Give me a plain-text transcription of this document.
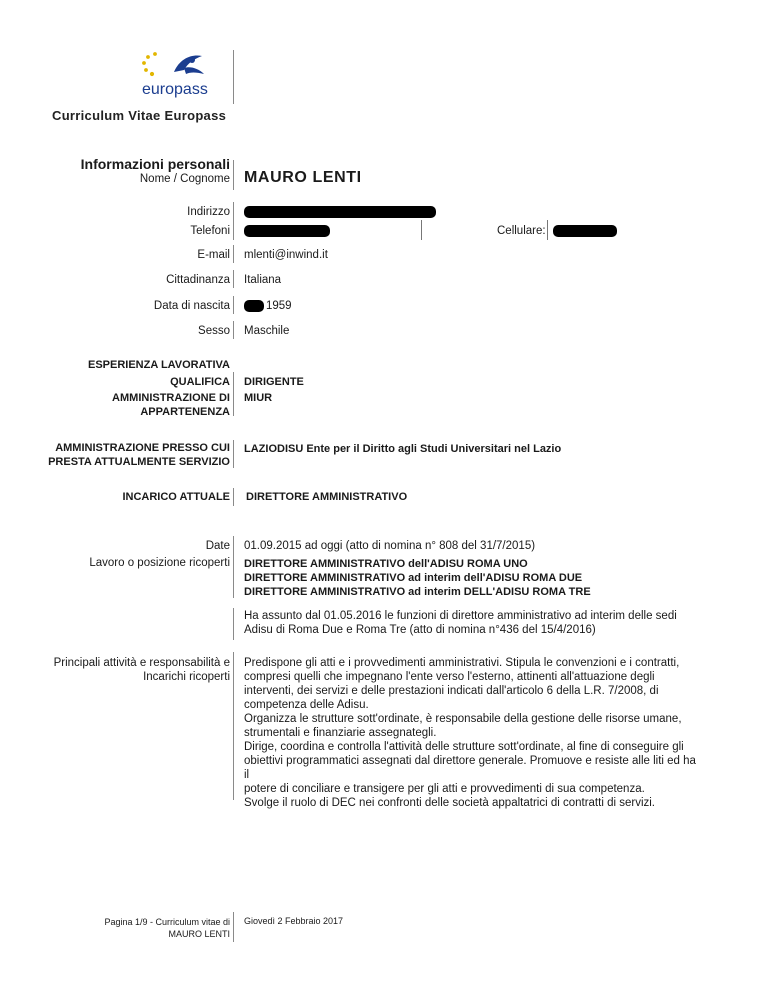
europass
Curriculum Vitae Europass
Informazioni personali
Nome / Cognome MAURO LENTI
Indirizzo
Telefoni	Cellulare:
E-mail mlenti@inwind.it
Cittadinanza Italiana
Data di nascita	1959
Sesso Maschile
ESPERIENZA LAVORATIVA
QUALIFICA DIRIGENTE
AMMINISTRAZIONE DI
APPARTENENZA
MIUR
AMMINISTRAZIONE PRESSO CUI
PRESTA ATTUALMENTE SERVIZIO
LAZIODISU Ente per il Diritto agli Studi Universitari nel Lazio
INCARICO ATTUALE DIRETTORE AMMINISTRATIVO
Date 01.09.2015 ad oggi (atto di nomina n° 808 del 31/7/2015)
Lavoro o posizione ricoperti DIRETTORE AMMINISTRATIVO dell'ADISU ROMA UNO
DIRETTORE AMMINISTRATIVO ad interim dell'ADISU ROMA DUE
DIRETTORE AMMINISTRATIVO ad interim DELL'ADISU ROMA TRE
Ha assunto dal 01.05.2016 le funzioni di direttore amministrativo ad interim delle sedi
Adisu di Roma Due e Roma Tre (atto di nomina n°436 del 15/4/2016)
Principali attività e responsabilità e
Incarichi ricoperti
Predispone gli atti e i provvedimenti amministrativi. Stipula le convenzioni e i contratti,
compresi quelli che impegnano l'ente verso l'esterno, attinenti all'attuazione degli
interventi, dei servizi e delle prestazioni indicati dall'articolo 6 della L.R. 7/2008, di
competenza delle Adisu.
Organizza le strutture sott'ordinate, è responsabile della gestione delle risorse umane,
strumentali e finanziarie assegnategli.
Dirige, coordina e controlla l'attività delle strutture sott'ordinate, al fine di conseguire gli
obiettivi programmatici assegnati dal direttore generale. Promuove e resiste alle liti ed ha il
potere di conciliare e transigere per gli atti e provvedimenti di sua competenza.
Svolge il ruolo di DEC nei confronti delle società appaltatrici di contratti di servizi.
Pagina 1/9 - Curriculum vitae di
MAURO LENTI
Giovedì 2 Febbraio 2017
